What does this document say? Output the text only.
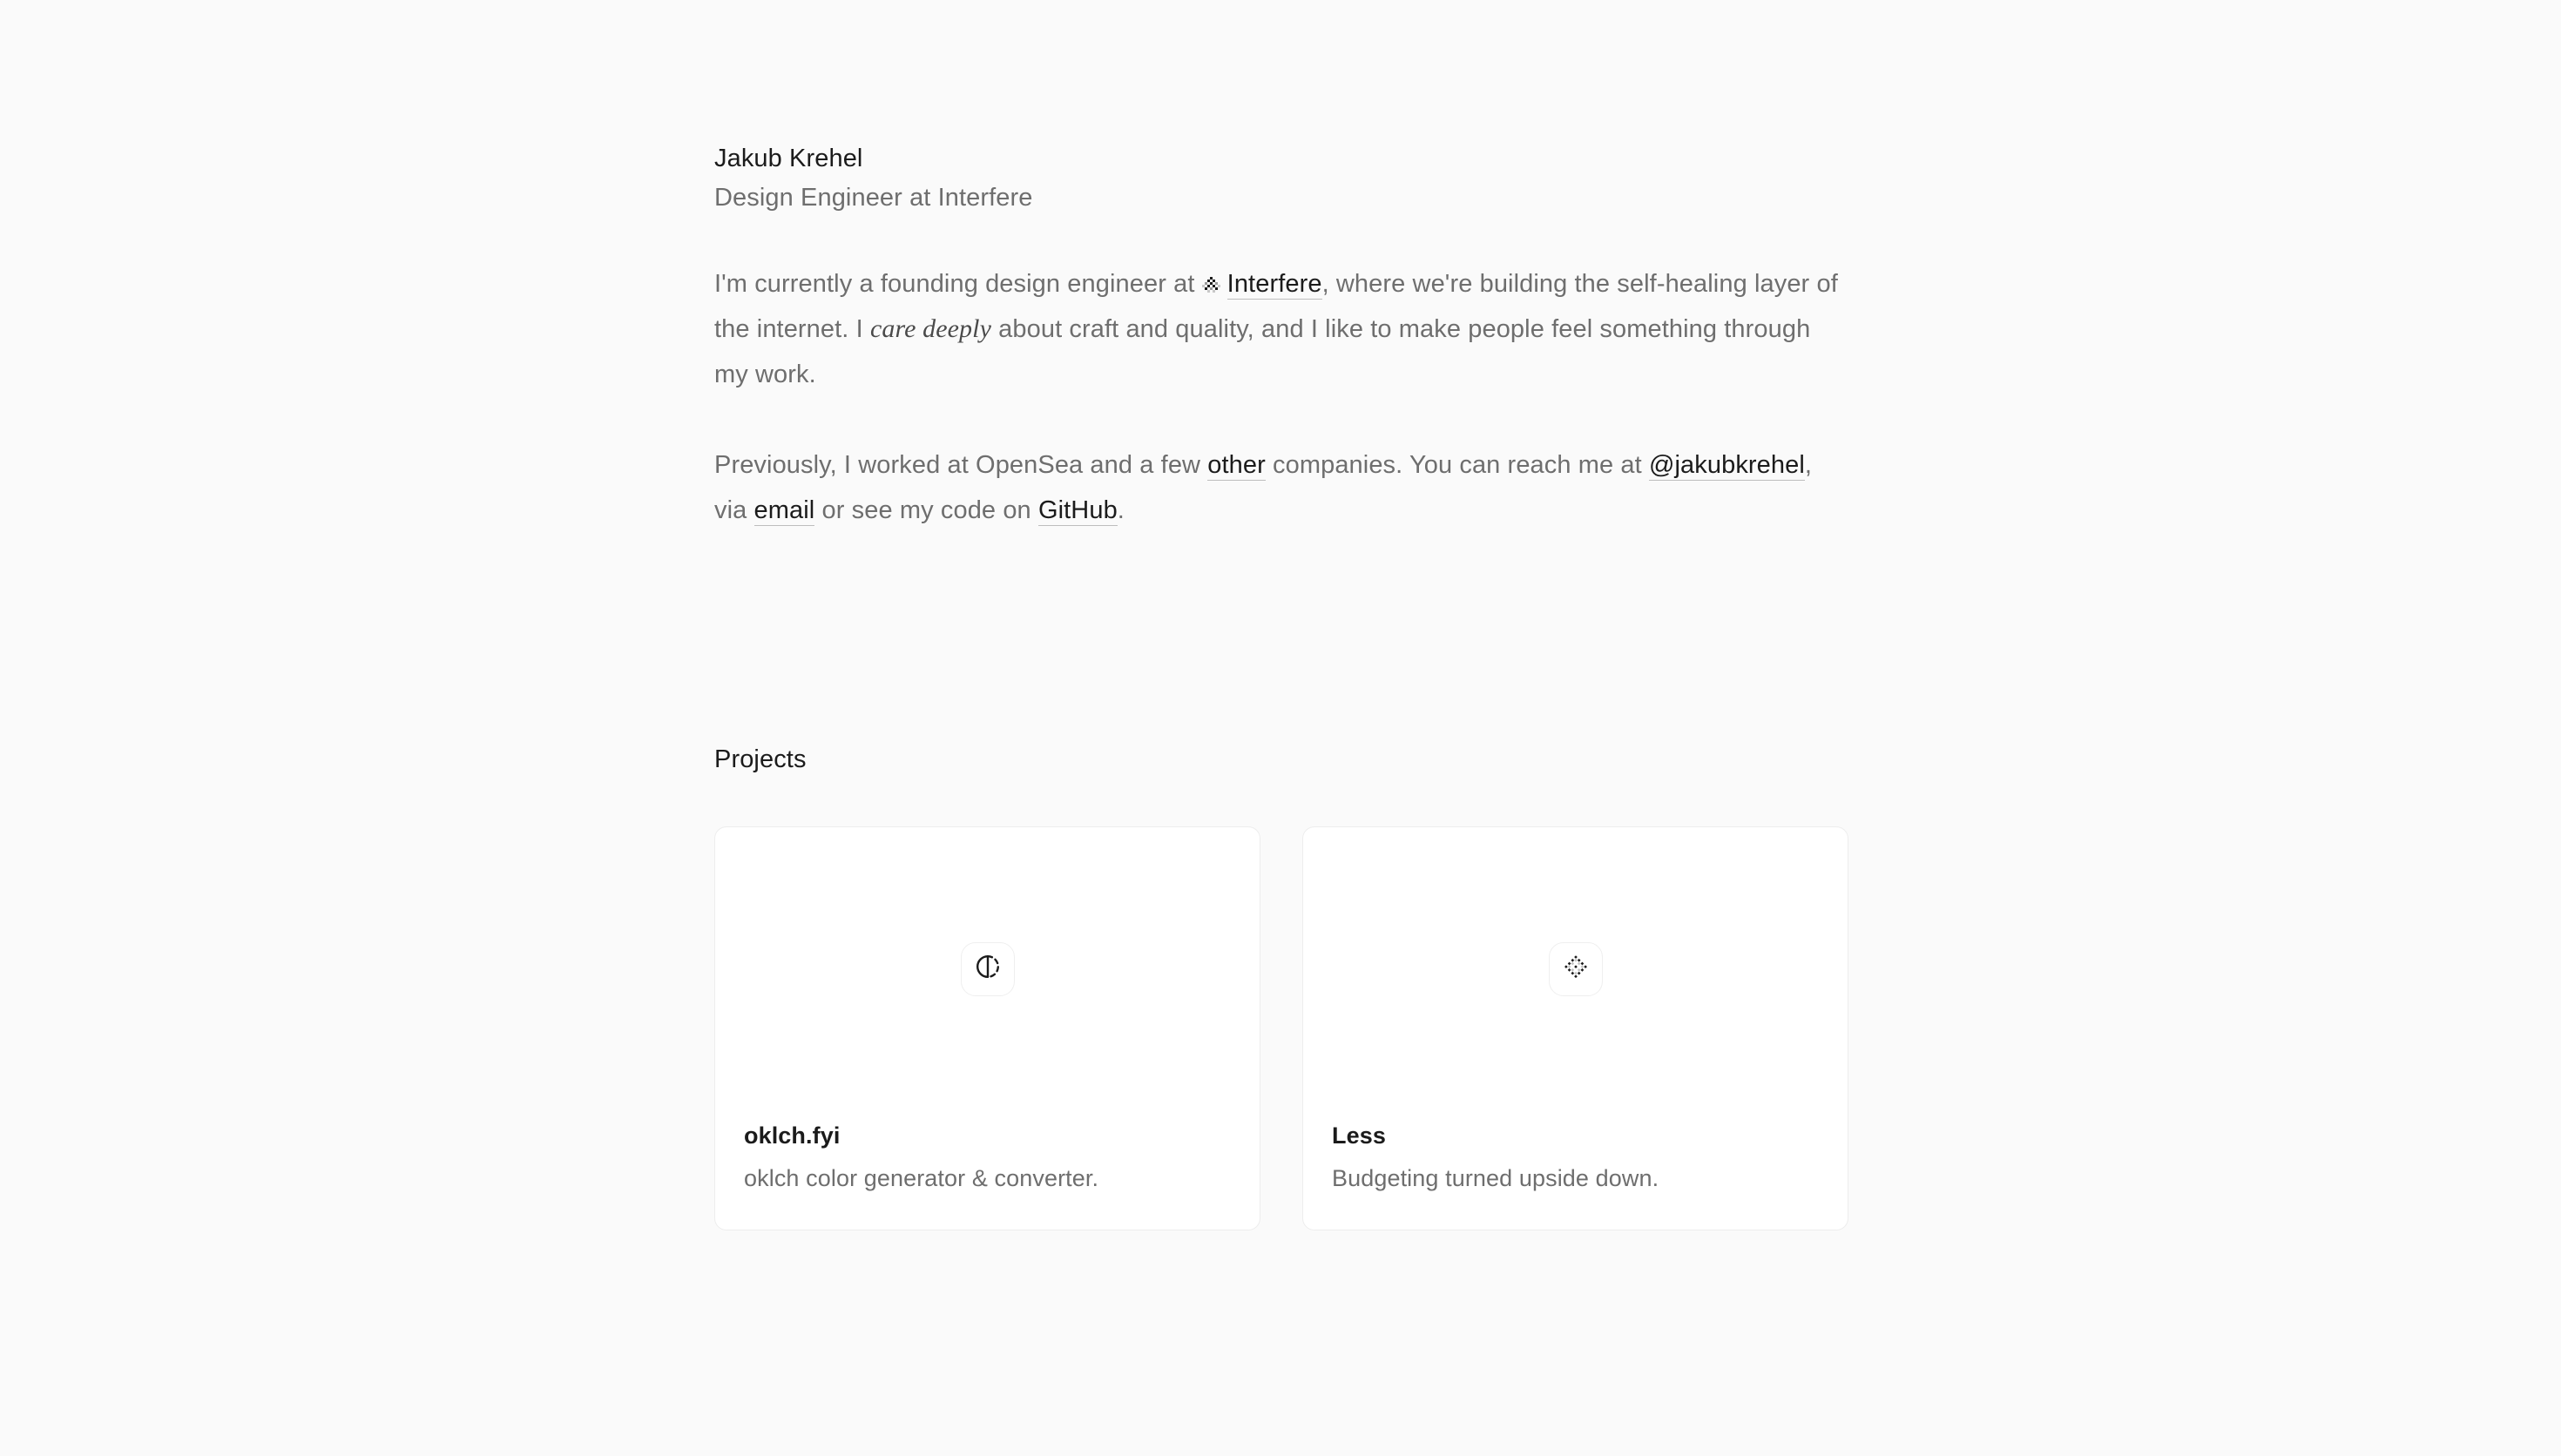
Jakub Krehel
Design Engineer at Interfere

I'm currently a founding design engineer at Interfere, where we're building the self-healing layer of the internet. I care deeply about craft and quality, and I like to make people feel something through my work.

Previously, I worked at OpenSea and a few other companies. You can reach me at @jakubkrehel, via email or see my code on GitHub.

Projects
oklch.fyi
oklch color generator & converter.
Less
Budgeting turned upside down.
